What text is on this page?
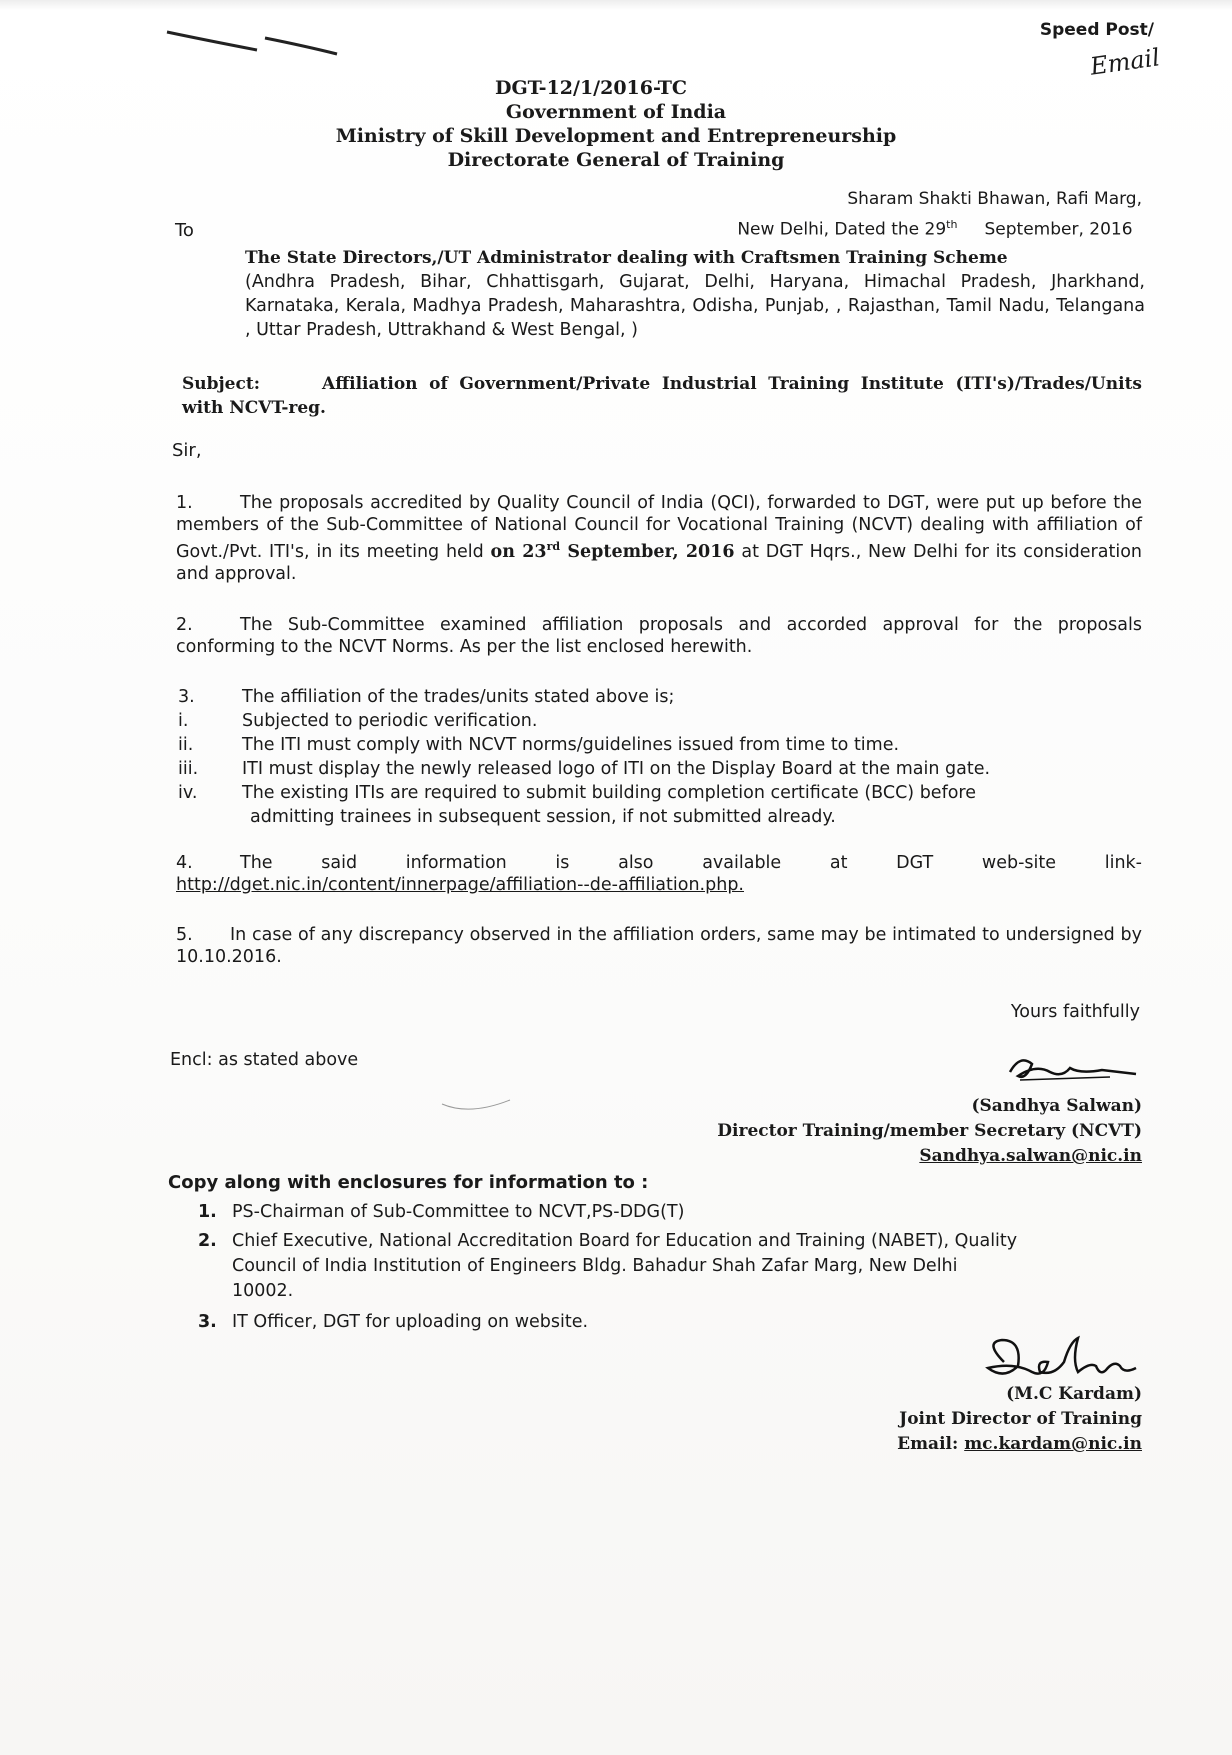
Speed Post/
Email
DGT-12/1/2016-TC
Government of India
Ministry of Skill Development and Entrepreneurship
Directorate General of Training
Sharam Shakti Bhawan, Rafi Marg,
New Delhi, Dated the 29th September, 2016
To
The State Directors,/UT Administrator dealing with Craftsmen Training Scheme
(Andhra Pradesh, Bihar, Chhattisgarh, Gujarat, Delhi, Haryana, Himachal Pradesh, Jharkhand, Karnataka, Kerala, Madhya Pradesh, Maharashtra, Odisha, Punjab, , Rajasthan, Tamil Nadu, Telangana , Uttar Pradesh, Uttrakhand & West Bengal, )
Subject:	Affiliation of Government/Private Industrial Training Institute (ITI's)/Trades/Units with NCVT-reg.
Sir,
1.	The proposals accredited by Quality Council of India (QCI), forwarded to DGT, were put up before the members of the Sub-Committee of National Council for Vocational Training (NCVT) dealing with affiliation of Govt./Pvt. ITI's, in its meeting held on 23rd September, 2016 at DGT Hqrs., New Delhi for its consideration and approval.
2.	The Sub-Committee examined affiliation proposals and accorded approval for the proposals conforming to the NCVT Norms. As per the list enclosed herewith.
3.	The affiliation of the trades/units stated above is;
i.	Subjected to periodic verification.
ii.	The ITI must comply with NCVT norms/guidelines issued from time to time.
iii.	ITI must display the newly released logo of ITI on the Display Board at the main gate.
iv.	The existing ITIs are required to submit building completion certificate (BCC) before
admitting trainees in subsequent session, if not submitted already.
4.	The said information is also available at DGT web-site link-
http://dget.nic.in/content/innerpage/affiliation--de-affiliation.php.
5. In case of any discrepancy observed in the affiliation orders, same may be intimated to undersigned by 10.10.2016.
Yours faithfully
Encl: as stated above
(Sandhya Salwan)
Director Training/member Secretary (NCVT)
Sandhya.salwan@nic.in
Copy along with enclosures for information to :
1. PS-Chairman of Sub-Committee to NCVT,PS-DDG(T)
2. Chief Executive, National Accreditation Board for Education and Training (NABET), Quality
Council of India Institution of Engineers Bldg. Bahadur Shah Zafar Marg, New Delhi
10002.
3. IT Officer, DGT for uploading on website.
(M.C Kardam)
Joint Director of Training
Email: mc.kardam@nic.in
